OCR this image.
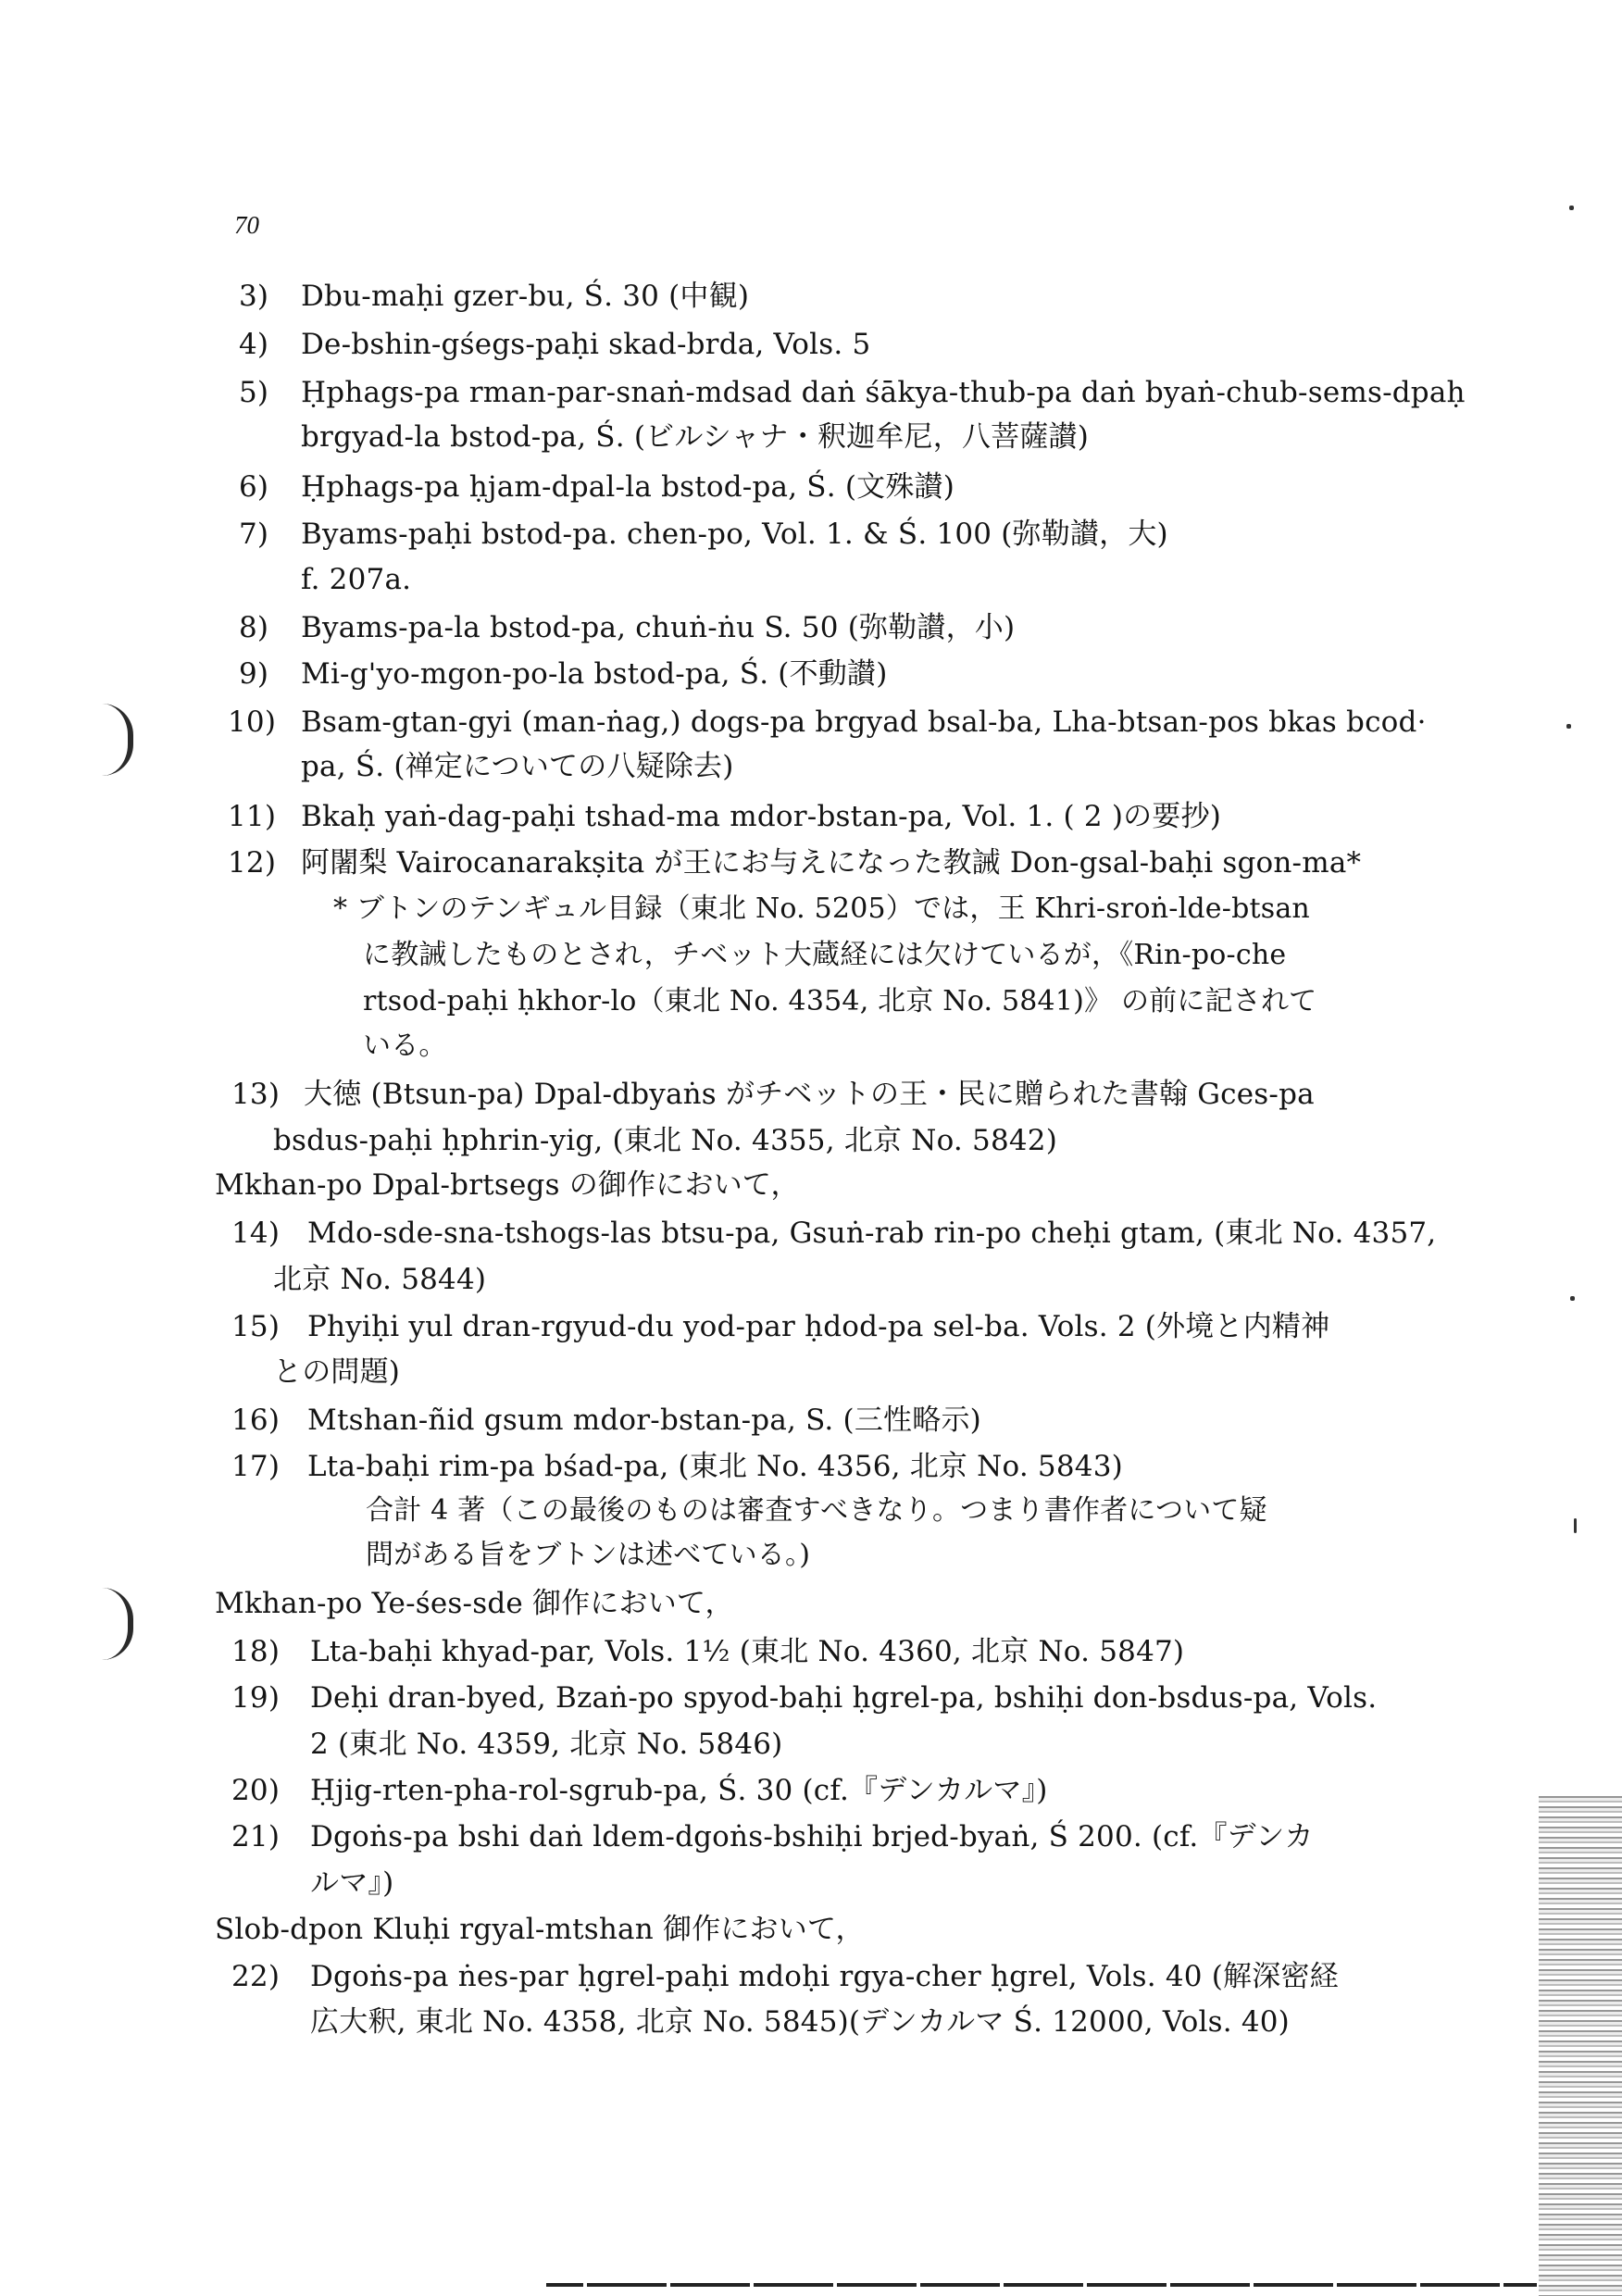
70
3) Dbu-maḥi gzer-bu, Ś. 30 (中観)
4) De-bshin-gśegs-paḥi skad-brda, Vols. 5
5) Ḥphags-pa rman-par-snaṅ-mdsad daṅ śākya-thub-pa daṅ byaṅ-chub-sems-dpaḥ
brgyad-la bstod-pa, Ś. (ビルシャナ・釈迦牟尼，八菩薩讃)
6) Ḥphags-pa ḥjam-dpal-la bstod-pa, Ś. (文殊讃)
7) Byams-paḥi bstod-pa. chen-po, Vol. 1. & Ś. 100 (弥勒讃，大)
f. 207a.
8) Byams-pa-la bstod-pa, chuṅ-ṅu S. 50 (弥勒讃，小)
9) Mi-g'yo-mgon-po-la bstod-pa, Ś. (不動讃)
10) Bsam-gtan-gyi (man-ṅag,) dogs-pa brgyad bsal-ba, Lha-btsan-pos bkas bcod·
pa, Ś. (禅定についての八疑除去)
11) Bkaḥ yaṅ-dag-paḥi tshad-ma mdor-bstan-pa, Vol. 1. ( 2 )の要抄)
12) 阿闍梨 Vairocanarakṣita が王にお与えになった教誡 Don-gsal-baḥi sgon-ma*
* ブトンのテンギュル目録（東北 No. 5205）では，王 Khri-sroṅ-lde-btsan
に教誡したものとされ，チベット大蔵経には欠けているが，《Rin-po-che
rtsod-paḥi ḥkhor-lo（東北 No. 4354, 北京 No. 5841)》 の前に記されて
いる。
13) 大徳 (Btsun-pa) Dpal-dbyaṅs がチベットの王・民に贈られた書翰 Gces-pa
bsdus-paḥi ḥphrin-yig, (東北 No. 4355, 北京 No. 5842)
Mkhan-po Dpal-brtsegs の御作において，
14) Mdo-sde-sna-tshogs-las btsu-pa, Gsuṅ-rab rin-po cheḥi gtam, (東北 No. 4357,
北京 No. 5844)
15) Phyiḥi yul dran-rgyud-du yod-par ḥdod-pa sel-ba. Vols. 2 (外境と内精神
との問題)
16) Mtshan-ñid gsum mdor-bstan-pa, S. (三性略示)
17) Lta-baḥi rim-pa bśad-pa, (東北 No. 4356, 北京 No. 5843)
合計 4 著（この最後のものは審査すべきなり。つまり書作者について疑
問がある旨をブトンは述べている。)
Mkhan-po Ye-śes-sde 御作において，
18) Lta-baḥi khyad-par, Vols. 1½ (東北 No. 4360, 北京 No. 5847)
19) Deḥi dran-byed, Bzaṅ-po spyod-baḥi ḥgrel-pa, bshiḥi don-bsdus-pa, Vols.
2 (東北 No. 4359, 北京 No. 5846)
20) Ḥjig-rten-pha-rol-sgrub-pa, Ś. 30 (cf.『デンカルマ』)
21) Dgoṅs-pa bshi daṅ ldem-dgoṅs-bshiḥi brjed-byaṅ, Ś 200. (cf.『デンカ
ルマ』)
Slob-dpon Kluḥi rgyal-mtshan 御作において，
22) Dgoṅs-pa ṅes-par ḥgrel-paḥi mdoḥi rgya-cher ḥgrel, Vols. 40 (解深密経
広大釈, 東北 No. 4358, 北京 No. 5845)(デンカルマ Ś. 12000, Vols. 40)
